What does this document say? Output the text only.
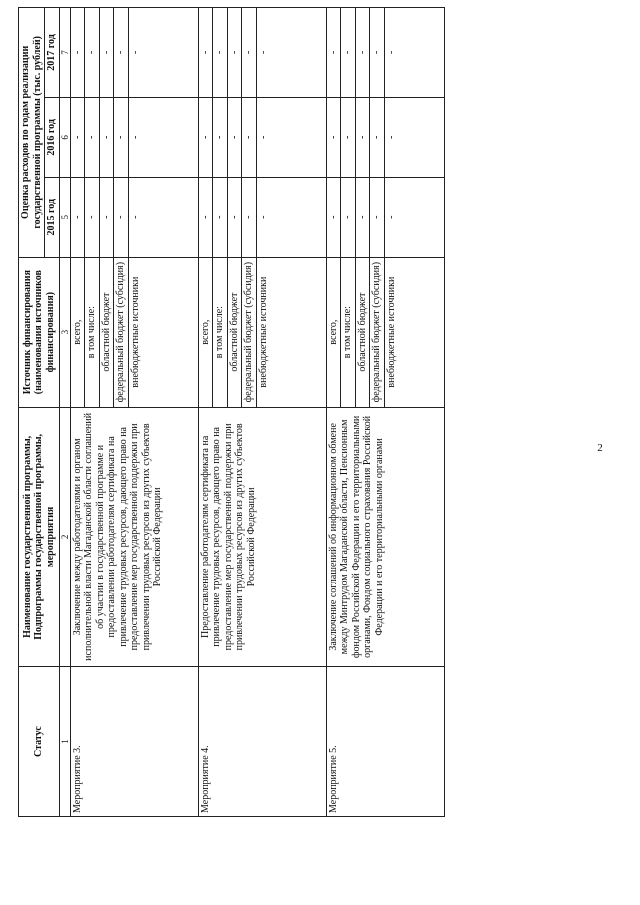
2
Статус	Наименование государственной программы, Подпрограммы государственной программы, мероприятия	Источник финансирования (наименования источников финансирования)	Оценка расходов по годам реализации государственной программы (тыс. рублей)		
			2015 год	2016 год	2017 год
1	2	3	5	6	7
Мероприятие 3.	Заключение между работодателями и органом исполнительной власти Магаданской области соглашений об участии в государственной программе и предоставлении работодателям сертификата на привлечение трудовых ресурсов, дающего право на предоставление мер государственной поддержки при привлечении трудовых ресурсов из других субъектов Российской Федерации	всего,	-	-	-
		в том числе:	-	-	-
		областной бюджет	-	-	-
		федеральный бюджет (субсидия)	-	-	-
		внебюджетные источники	-	-	-
Мероприятие 4.	Предоставление работодателям сертификата на привлечение трудовых ресурсов, дающего право на предоставление мер государственной поддержки при привлечении трудовых ресурсов из других субъектов Российской Федерации	всего,	-	-	-
		в том числе:	-	-	-
		областной бюджет	-	-	-
		федеральный бюджет (субсидия)	-	-	-
		внебюджетные источники	-	-	-
Мероприятие 5.	Заключение соглашений об информационном обмене между Минтрудом Магаданской области, Пенсионным фондом Российской Федерации и его территориальными органами, Фондом социального страхования Российской Федерации и его территориальными органами	всего,	-	-	-
		в том числе:	-	-	-
		областной бюджет	-	-	-
		федеральный бюджет (субсидия)	-	-	-
		внебюджетные источники	-	-	-
